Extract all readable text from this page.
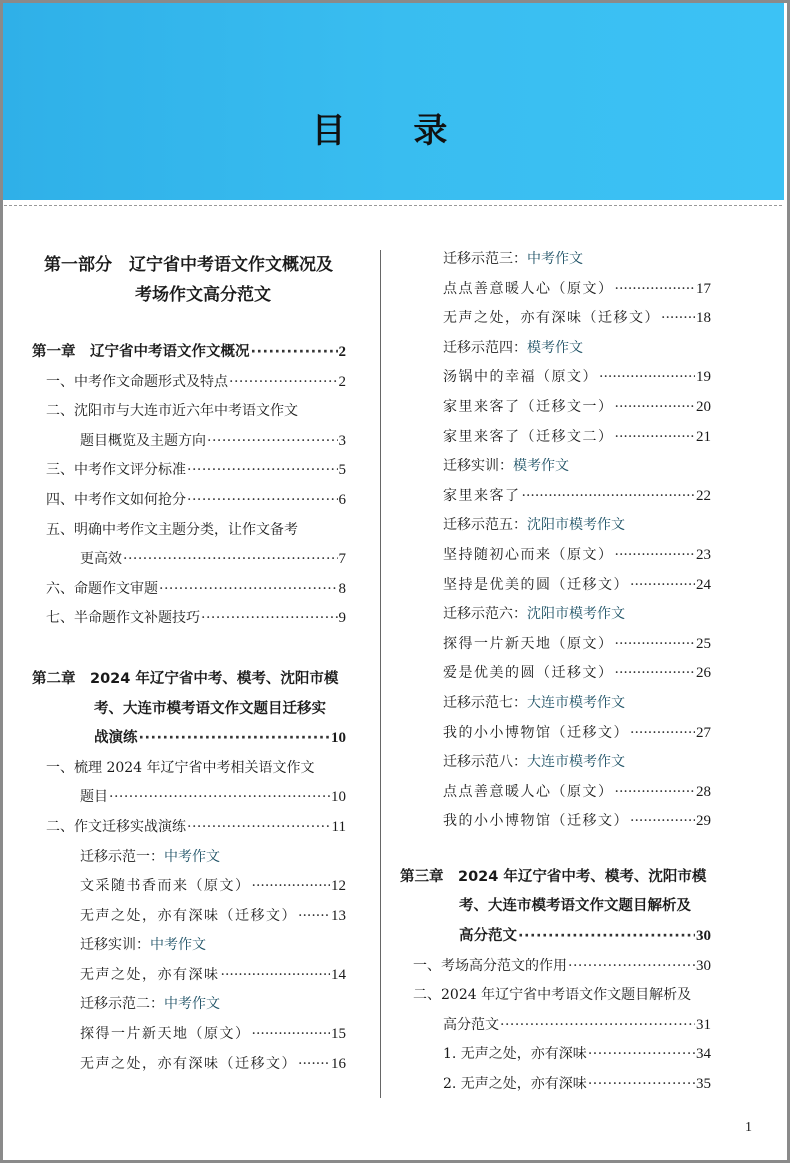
目 录
第一部分　辽宁省中考语文作文概况及
考场作文高分范文
第一章　辽宁省中考语文作文概况 ·····	2
一、中考作文命题形式及特点 ·····	2
二、沈阳市与大连市近六年中考语文作文
题目概览及主题方向 ·····	3
三、中考作文评分标准 ·····	5
四、中考作文如何抢分 ·····	6
五、明确中考作文主题分类，让作文备考
更高效 ·····	7
六、命题作文审题 ·····	8
七、半命题作文补题技巧 ·····	9
第二章　2024 年辽宁省中考、模考、沈阳市模
考、大连市模考语文作文题目迁移实
战演练 ·····	10
一、梳理 2024 年辽宁省中考相关语文作文
题目 ·····	10
二、作文迁移实战演练 ·····	11
迁移示范一：中考作文
文采随书香而来（原文） ·····	12
无声之处，亦有深味（迁移文） ····· 13
迁移实训：中考作文
无声之处，亦有深味 ·····	14
迁移示范二：中考作文
探得一片新天地（原文） ·····	15
无声之处，亦有深味（迁移文） ····· 16
迁移示范三：中考作文
点点善意暖人心（原文） ·····	17
无声之处，亦有深味（迁移文） ····· 18
迁移示范四：模考作文
汤锅中的幸福（原文） ·····	19
家里来客了（迁移文一） ·····	20
家里来客了（迁移文二） ·····	21
迁移实训：模考作文
家里来客了 ·····	22
迁移示范五：沈阳市模考作文
坚持随初心而来（原文） ·····	23
坚持是优美的圆（迁移文） ·····	24
迁移示范六：沈阳市模考作文
探得一片新天地（原文） ·····	25
爱是优美的圆（迁移文） ·····	26
迁移示范七：大连市模考作文
我的小小博物馆（迁移文） ·····	27
迁移示范八：大连市模考作文
点点善意暖人心（原文） ·····	28
我的小小博物馆（迁移文） ·····	29
第三章　2024 年辽宁省中考、模考、沈阳市模
考、大连市模考语文作文题目解析及
高分范文 ·····	30
一、考场高分范文的作用 ·····	30
二、2024 年辽宁省中考语文作文题目解析及
高分范文 ·····	31
1. 无声之处，亦有深味 ·····	34
2. 无声之处，亦有深味 ·····	35
1
